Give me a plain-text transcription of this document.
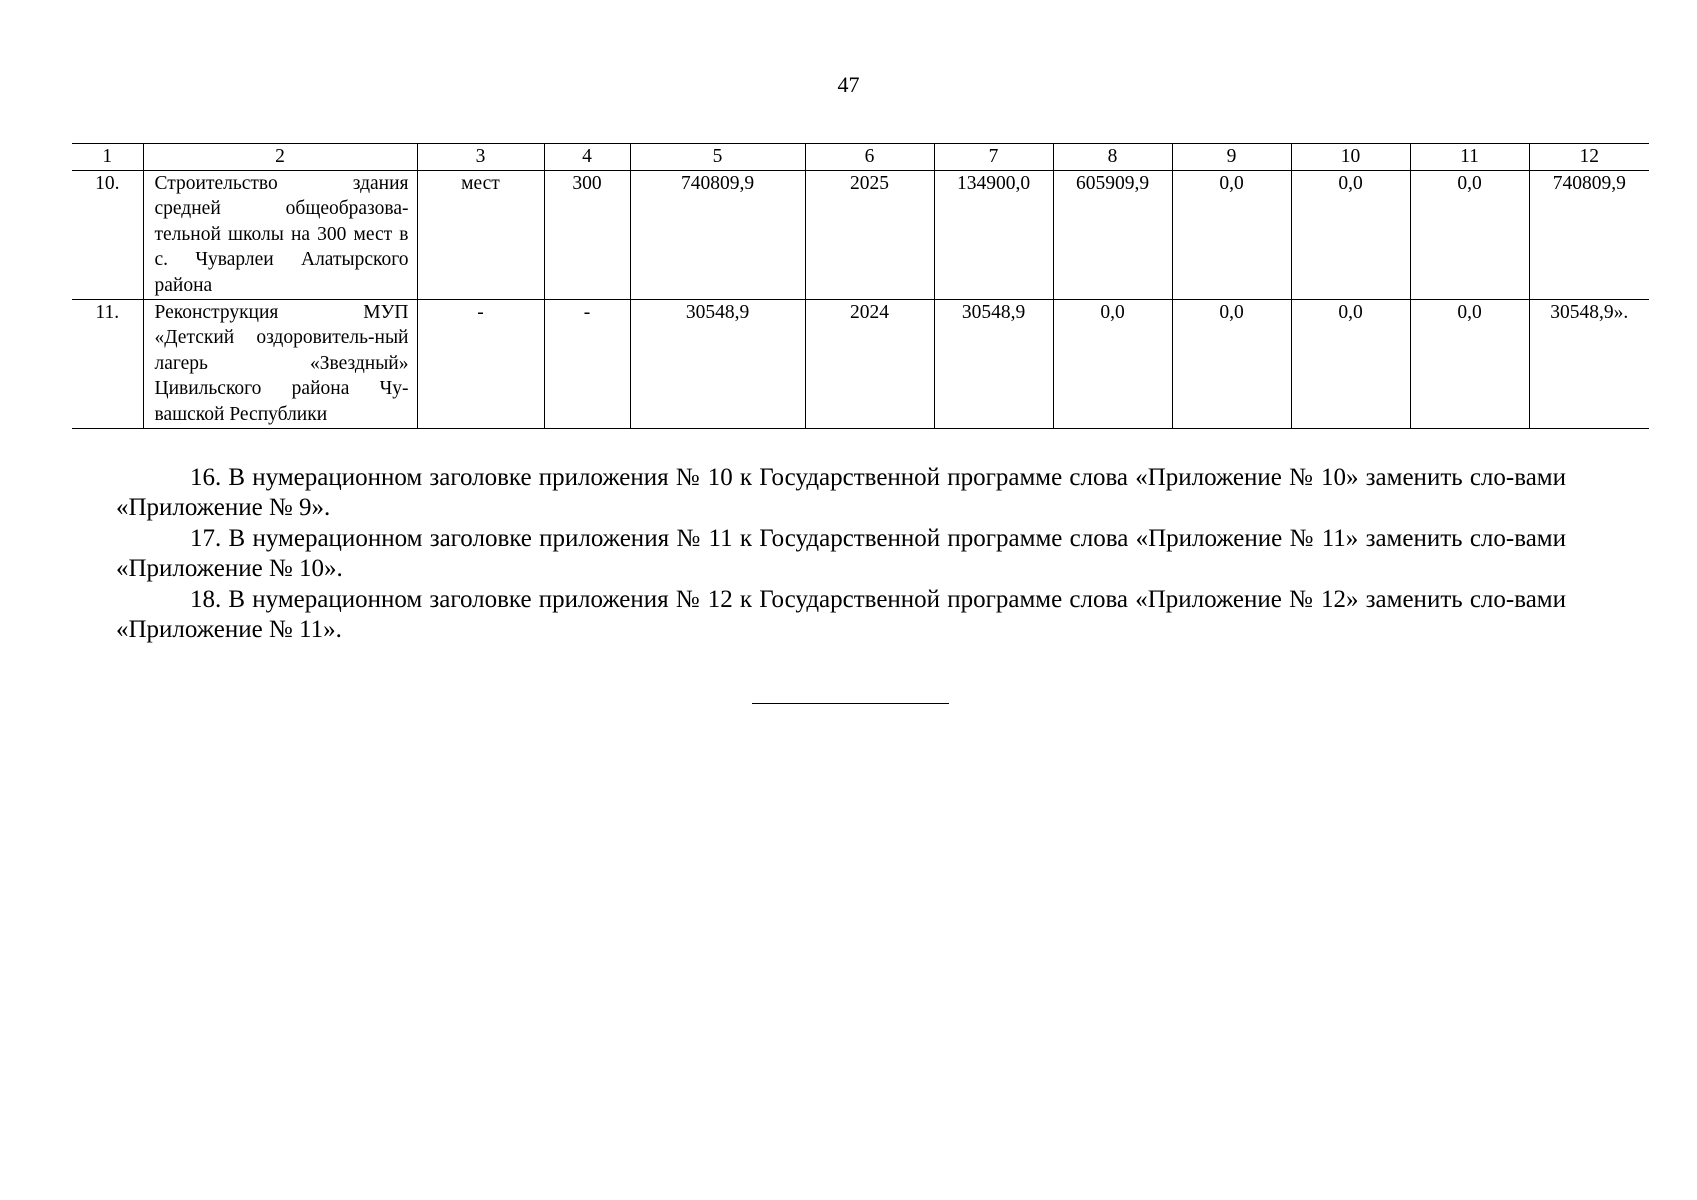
47
1	2	3	4	5	6	7	8	9	10	11	12
10.	Строительство здания средней общеобразова-тельной школы на 300 мест в с. Чуварлеи Алатырского района	мест	300	740809,9	2025	134900,0	605909,9	0,0	0,0	0,0	740809,9
11.	Реконструкция МУП «Детский оздоровитель-ный лагерь «Звездный» Цивильского района Чу-вашской Республики	-	-	30548,9	2024	30548,9	0,0	0,0	0,0	0,0	30548,9».

16. В нумерационном заголовке приложения № 10 к Государственной программе слова «Приложение № 10» заменить сло-вами «Приложение № 9».

17. В нумерационном заголовке приложения № 11 к Государственной программе слова «Приложение № 11» заменить сло-вами «Приложение № 10».

18. В нумерационном заголовке приложения № 12 к Государственной программе слова «Приложение № 12» заменить сло-вами «Приложение № 11».
